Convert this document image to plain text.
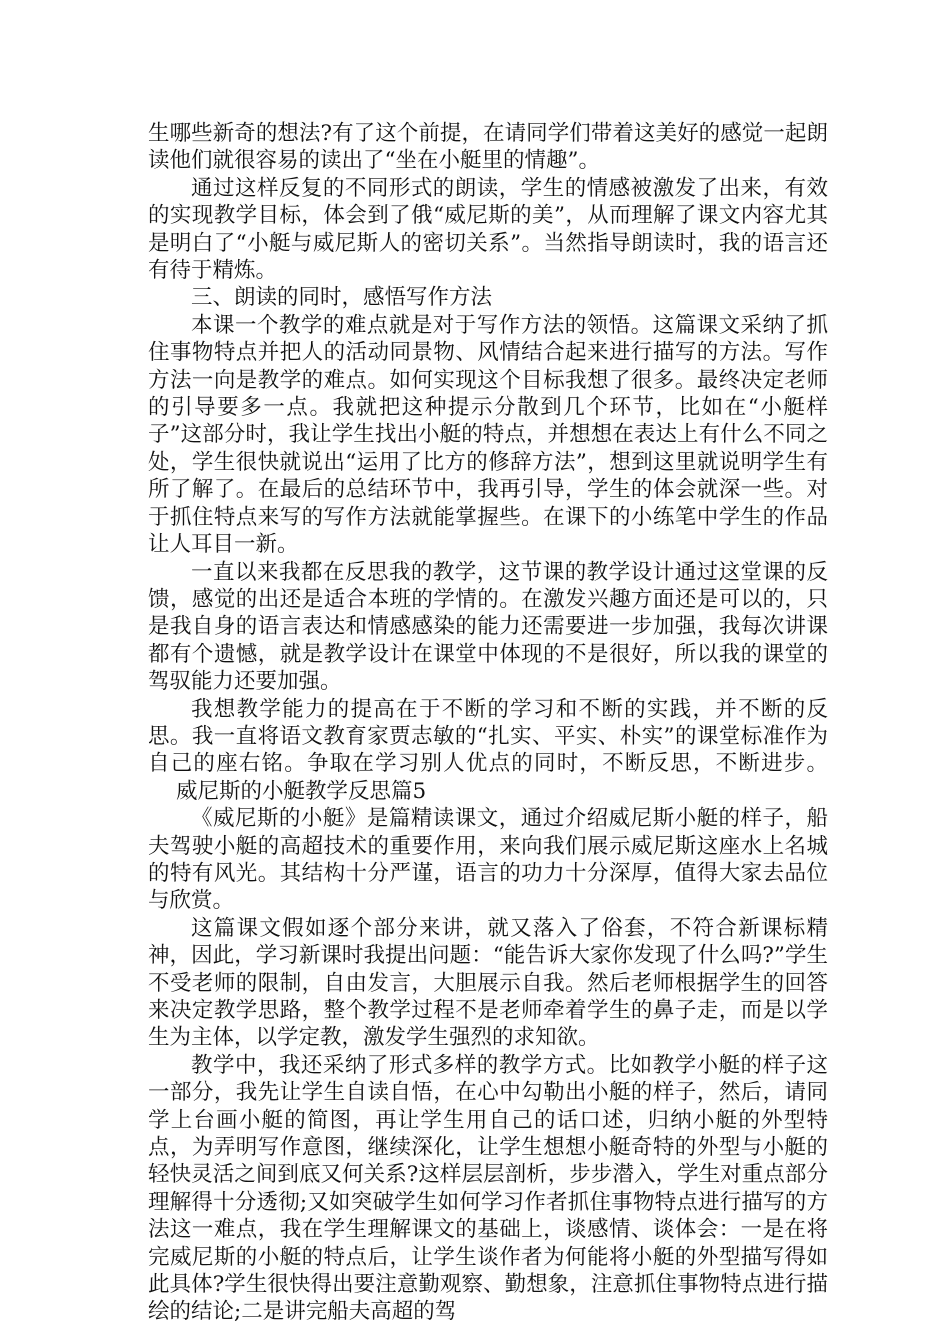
生哪些新奇的想法?有了这个前提，在请同学们带着这美好的感觉一起朗读他们就很容易的读出了“坐在小艇里的情趣”。

通过这样反复的不同形式的朗读，学生的情感被激发了出来，有效的实现教学目标，体会到了俄“威尼斯的美”，从而理解了课文内容尤其是明白了“小艇与威尼斯人的密切关系”。当然指导朗读时，我的语言还有待于精炼。

三、朗读的同时，感悟写作方法

本课一个教学的难点就是对于写作方法的领悟。这篇课文采纳了抓住事物特点并把人的活动同景物、风情结合起来进行描写的方法。写作方法一向是教学的难点。如何实现这个目标我想了很多。最终决定老师的引导要多一点。我就把这种提示分散到几个环节，比如在“小艇样子”这部分时，我让学生找出小艇的特点，并想想在表达上有什么不同之处，学生很快就说出“运用了比方的修辞方法”，想到这里就说明学生有所了解了。在最后的总结环节中，我再引导，学生的体会就深一些。对于抓住特点来写的写作方法就能掌握些。在课下的小练笔中学生的作品让人耳目一新。

一直以来我都在反思我的教学，这节课的教学设计通过这堂课的反馈，感觉的出还是适合本班的学情的。在激发兴趣方面还是可以的，只是我自身的语言表达和情感感染的能力还需要进一步加强，我每次讲课都有个遗憾，就是教学设计在课堂中体现的不是很好，所以我的课堂的驾驭能力还要加强。

我想教学能力的提高在于不断的学习和不断的实践，并不断的反思。我一直将语文教育家贾志敏的“扎实、平实、朴实”的课堂标准作为自己的座右铭。争取在学习别人优点的同时，不断反思，不断进步。威尼斯的小艇教学反思篇5

《威尼斯的小艇》是篇精读课文，通过介绍威尼斯小艇的样子，船夫驾驶小艇的高超技术的重要作用，来向我们展示威尼斯这座水上名城的特有风光。其结构十分严谨，语言的功力十分深厚，值得大家去品位与欣赏。

这篇课文假如逐个部分来讲，就又落入了俗套，不符合新课标精神，因此，学习新课时我提出问题：“能告诉大家你发现了什么吗?”学生不受老师的限制，自由发言，大胆展示自我。然后老师根据学生的回答来决定教学思路，整个教学过程不是老师牵着学生的鼻子走，而是以学生为主体，以学定教，激发学生强烈的求知欲。

教学中，我还采纳了形式多样的教学方式。比如教学小艇的样子这一部分，我先让学生自读自悟，在心中勾勒出小艇的样子，然后，请同学上台画小艇的简图，再让学生用自己的话口述，归纳小艇的外型特点，为弄明写作意图，继续深化，让学生想想小艇奇特的外型与小艇的轻快灵活之间到底又何关系?这样层层剖析，步步潜入，学生对重点部分理解得十分透彻;又如突破学生如何学习作者抓住事物特点进行描写的方法这一难点，我在学生理解课文的基础上，谈感情、谈体会：一是在将完威尼斯的小艇的特点后，让学生谈作者为何能将小艇的外型描写得如此具体?学生很快得出要注意勤观察、勤想象，注意抓住事物特点进行描绘的结论;二是讲完船夫高超的驾
